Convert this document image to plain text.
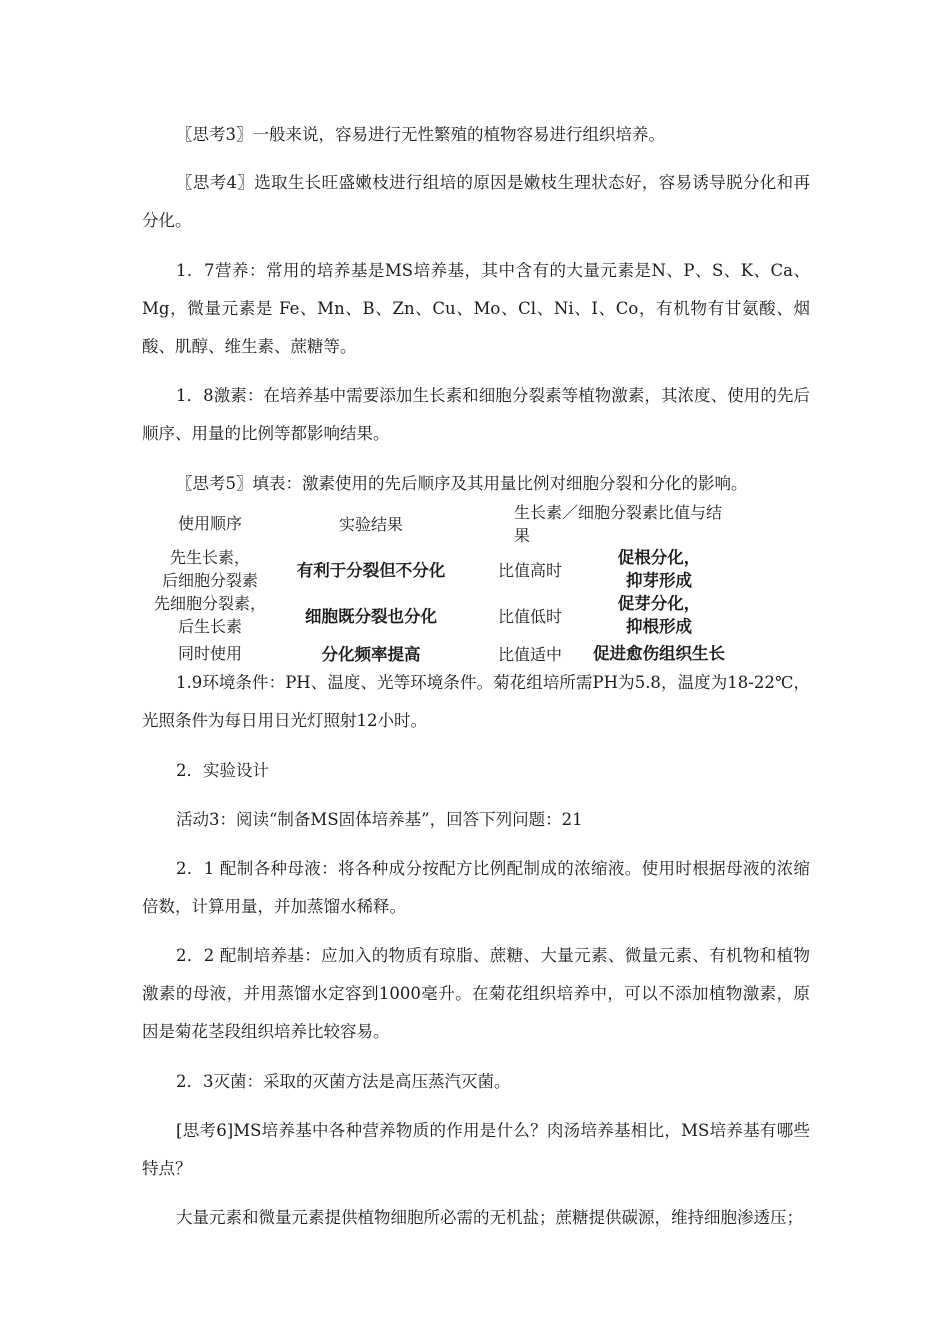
〖思考3〗一般来说，容易进行无性繁殖的植物容易进行组织培养。

〖思考4〗选取生长旺盛嫩枝进行组培的原因是嫩枝生理状态好，容易诱导脱分化和再分化。

1．7营养：常用的培养基是MS培养基，其中含有的大量元素是N、P、S、K、Ca、Mg，微量元素是 Fe、Mn、B、Zn、Cu、Mo、Cl、Ni、I、Co，有机物有甘氨酸、烟酸、肌醇、维生素、蔗糖等。

1．8激素：在培养基中需要添加生长素和细胞分裂素等植物激素，其浓度、使用的先后顺序、用量的比例等都影响结果。

〖思考5〗填表：激素使用的先后顺序及其用量比例对细胞分裂和分化的影响。

使用顺序	实验结果	生长素／细胞分裂素比值与结果	
先生长素，
后细胞分裂素	有利于分裂但不分化	比值高时	促根分化，
抑芽形成
先细胞分裂素，
后生长素	细胞既分裂也分化	比值低时	促芽分化，
抑根形成
同时使用	分化频率提高	比值适中	促进愈伤组织生长

1.9环境条件：PH、温度、光等环境条件。菊花组培所需PH为5.8，温度为18-22℃，光照条件为每日用日光灯照射12小时。

2．实验设计

活动3：阅读“制备MS固体培养基”，回答下列问题：21

2．1 配制各种母液：将各种成分按配方比例配制成的浓缩液。使用时根据母液的浓缩倍数，计算用量，并加蒸馏水稀释。

2．2 配制培养基：应加入的物质有琼脂、蔗糖、大量元素、微量元素、有机物和植物激素的母液，并用蒸馏水定容到1000毫升。在菊花组织培养中，可以不添加植物激素，原因是菊花茎段组织培养比较容易。

2．3灭菌：采取的灭菌方法是高压蒸汽灭菌。

[思考6]MS培养基中各种营养物质的作用是什么？肉汤培养基相比，MS培养基有哪些特点？

大量元素和微量元素提供植物细胞所必需的无机盐；蔗糖提供碳源，维持细胞渗透压；
